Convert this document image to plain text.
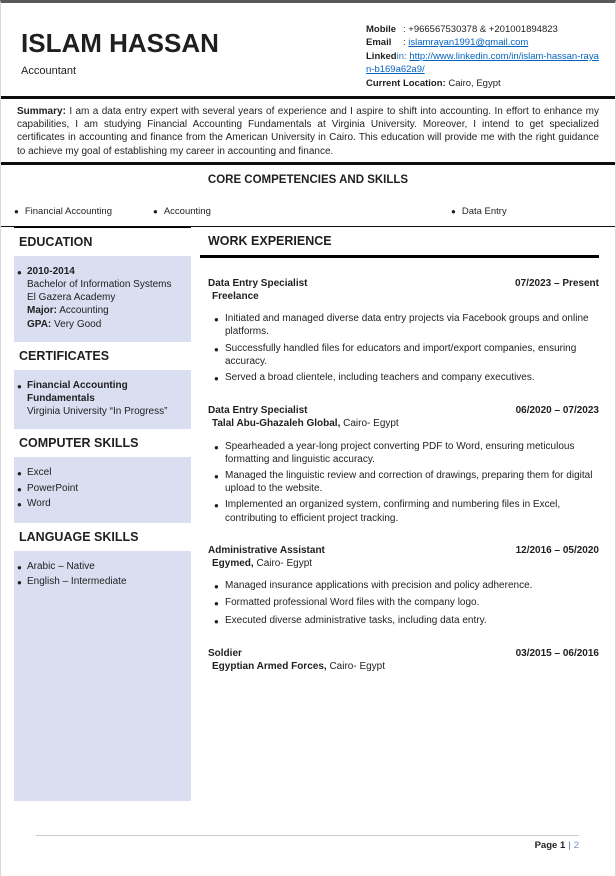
ISLAM HASSAN
Accountant
Mobile : +966567530378 & +201001894823
Email : islamrayan1991@gmail.com
Linkedin: http://www.linkedin.com/in/islam-hassan-rayan-b169a62a9/
Current Location: Cairo, Egypt

Summary: I am a data entry expert with several years of experience and I aspire to shift into accounting. In effort to enhance my capabilities, I am studying Financial Accounting Fundamentals at Virginia University. Moreover, I intend to get specialized certificates in accounting and finance from the American University in Cairo. This education will provide me with the right guidance to achieve my goal of establishing my career in accounting and finance.

CORE COMPETENCIES AND SKILLS
● Financial Accounting	● Accounting	● Data Entry
EDUCATION
● 2010-2014
Bachelor of Information Systems
El Gazera Academy
Major: Accounting
GPA: Very Good
CERTIFICATES
● Financial Accounting Fundamentals
Virginia University “In Progress”
COMPUTER SKILLS
● Excel
● PowerPoint
● Word
LANGUAGE SKILLS
● Arabic – Native
● English – Intermediate
WORK EXPERIENCE
Data Entry Specialist	07/2023 – Present
Freelance
● Initiated and managed diverse data entry projects via Facebook groups and online platforms.
● Successfully handled files for educators and import/export companies, ensuring accuracy.
● Served a broad clientele, including teachers and company executives.
Data Entry Specialist	06/2020 – 07/2023
Talal Abu-Ghazaleh Global, Cairo- Egypt
● Spearheaded a year-long project converting PDF to Word, ensuring meticulous formatting and linguistic accuracy.
● Managed the linguistic review and correction of drawings, preparing them for digital upload to the website.
● Implemented an organized system, confirming and numbering files in Excel, contributing to efficient project tracking.
Administrative Assistant	12/2016 – 05/2020
Egymed, Cairo- Egypt
● Managed insurance applications with precision and policy adherence.
● Formatted professional Word files with the company logo.
● Executed diverse administrative tasks, including data entry.
Soldier	03/2015 – 06/2016
Egyptian Armed Forces, Cairo- Egypt
Page 1 | 2
